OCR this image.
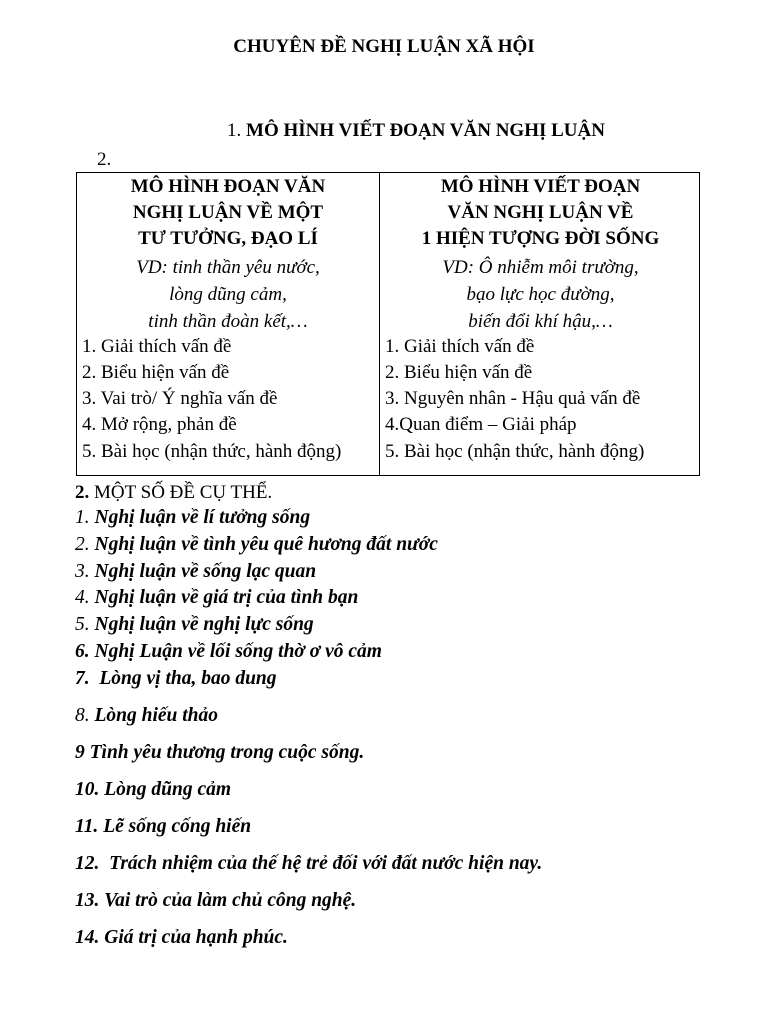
CHUYÊN ĐỀ NGHỊ LUẬN XÃ HỘI
1. MÔ HÌNH VIẾT ĐOẠN VĂN NGHỊ LUẬN
2.
MÔ HÌNH ĐOẠN VĂN
NGHỊ LUẬN VỀ MỘT
TƯ TƯỞNG, ĐẠO LÍ
VD: tinh thần yêu nước,
lòng dũng cảm,
tinh thần đoàn kết,…
1. Giải thích vấn đề
2. Biểu hiện vấn đề
3. Vai trò/ Ý nghĩa vấn đề
4. Mở rộng, phản đề
5. Bài học (nhận thức, hành động)
MÔ HÌNH VIẾT ĐOẠN
VĂN NGHỊ LUẬN VỀ
1 HIỆN TƯỢNG ĐỜI SỐNG
VD: Ô nhiễm môi trường,
bạo lực học đường,
biến đổi khí hậu,…
1. Giải thích vấn đề
2. Biểu hiện vấn đề
3. Nguyên nhân - Hậu quả vấn đề
4.Quan điểm – Giải pháp
5. Bài học (nhận thức, hành động)
2. MỘT SỐ ĐỀ CỤ THỂ.
1. Nghị luận về lí tưởng sống
2. Nghị luận về tình yêu quê hương đất nước
3. Nghị luận về sống lạc quan
4. Nghị luận về giá trị của tình bạn
5. Nghị luận về nghị lực sống
6. Nghị Luận về lối sống thờ ơ vô cảm
7. Lòng vị tha, bao dung
8. Lòng hiếu thảo
9 Tình yêu thương trong cuộc sống.
10. Lòng dũng cảm
11. Lẽ sống cống hiến
12. Trách nhiệm của thế hệ trẻ đối với đất nước hiện nay.
13. Vai trò của làm chủ công nghệ.
14. Giá trị của hạnh phúc.
